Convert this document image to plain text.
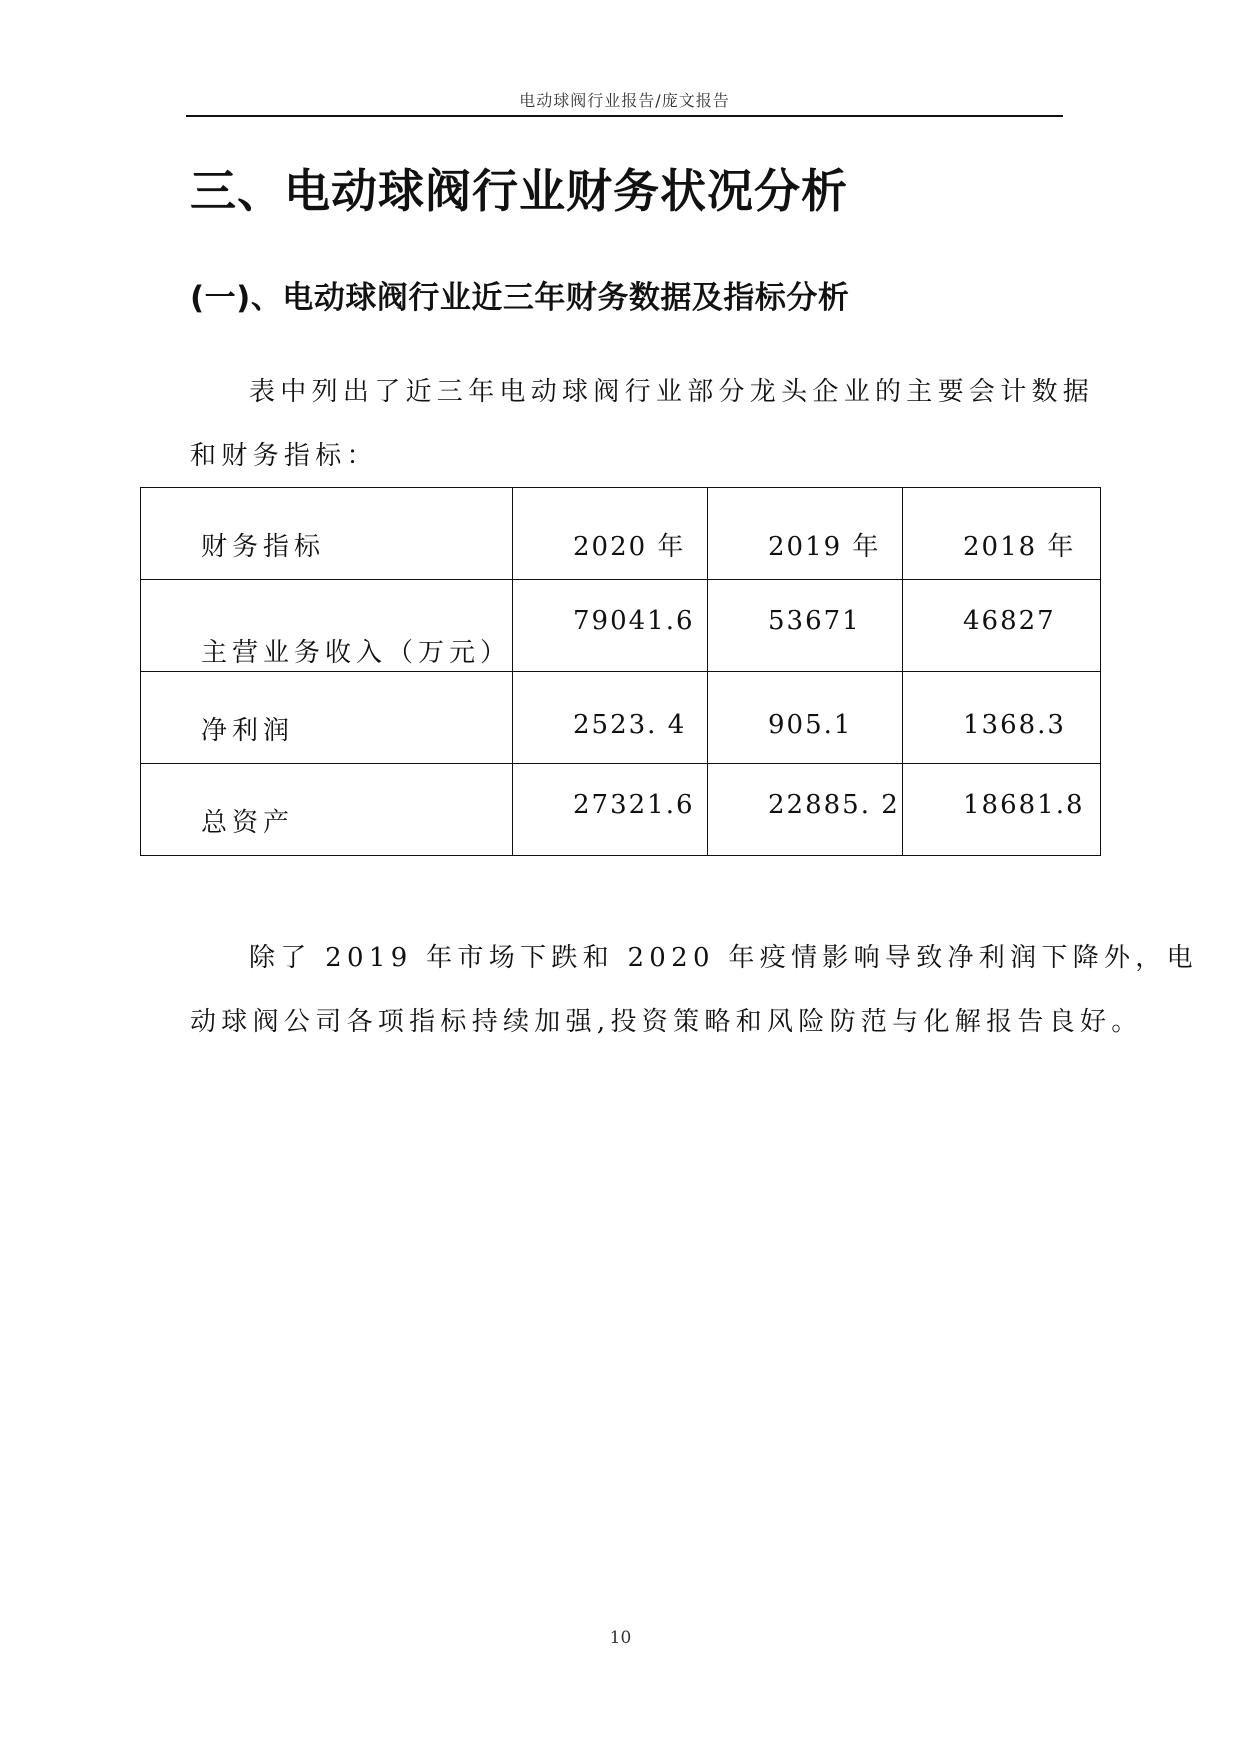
电动球阀行业报告/庞文报告
三、电动球阀行业财务状况分析
(一)、电动球阀行业近三年财务数据及指标分析
表中列出了近三年电动球阀行业部分龙头企业的主要会计数据
和财务指标：
财务指标	2020 年	2019 年	2018 年

主营业务收入（万元）	79041.6	53671	46827

净利润	2523. 4	905.1	1368.3

总资产	27321.6	22885. 2	18681.8
除了 2019 年市场下跌和 2020 年疫情影响导致净利润下降外，电
动球阀公司各项指标持续加强,投资策略和风险防范与化解报告良好。
10
